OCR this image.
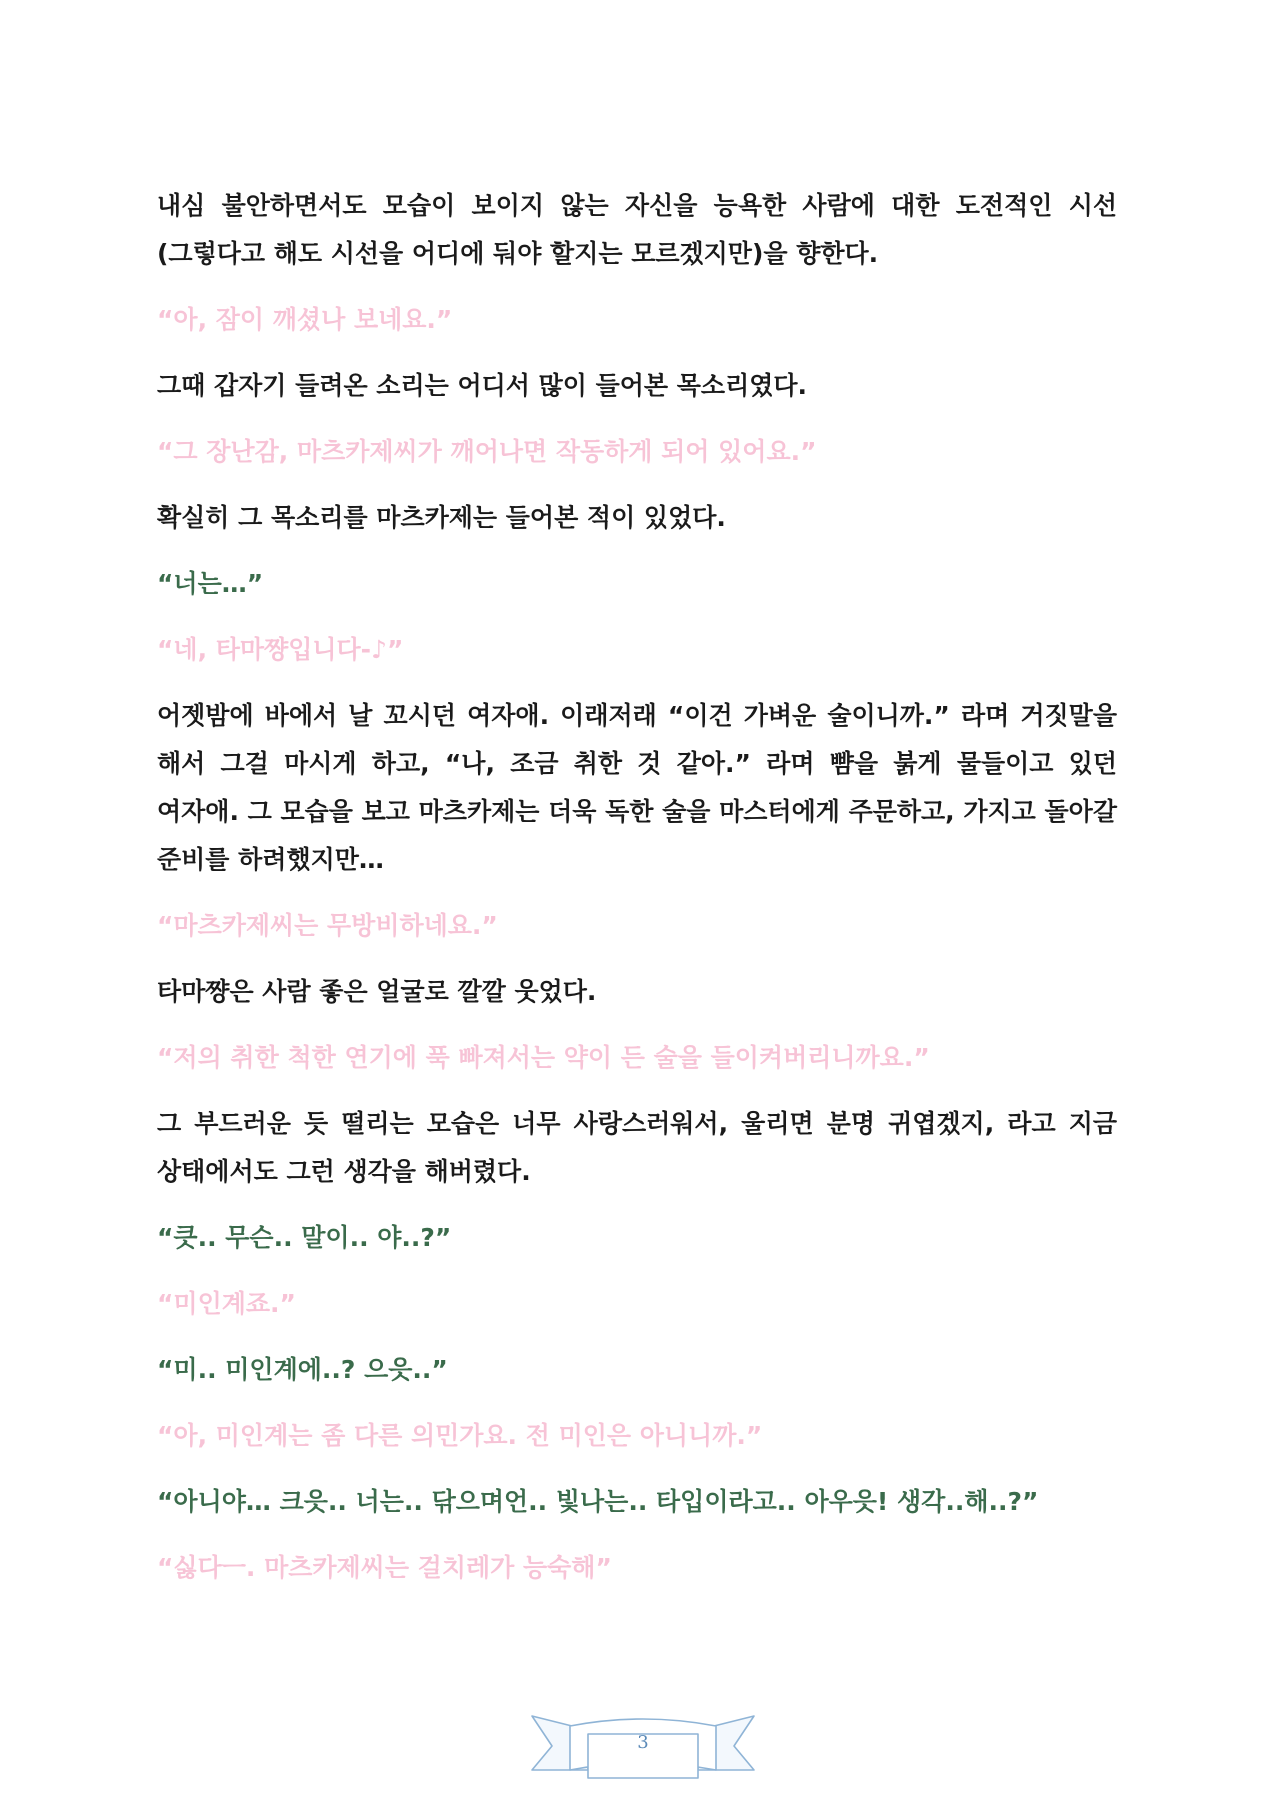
내심 불안하면서도 모습이 보이지 않는 자신을 능욕한 사람에 대한 도전적인 시선(그렇다고 해도 시선을 어디에 둬야 할지는 모르겠지만)을 향한다.

“아, 잠이 깨셨나 보네요.”

그때 갑자기 들려온 소리는 어디서 많이 들어본 목소리였다.

“그 장난감, 마츠카제씨가 깨어나면 작동하게 되어 있어요.”

확실히 그 목소리를 마츠카제는 들어본 적이 있었다.

“너는…”

“네, 타마쨩입니다-♪”

어젯밤에 바에서 날 꼬시던 여자애. 이래저래 “이건 가벼운 술이니까.” 라며 거짓말을 해서 그걸 마시게 하고, “나, 조금 취한 것 같아.” 라며 뺨을 붉게 물들이고 있던 여자애. 그 모습을 보고 마츠카제는 더욱 독한 술을 마스터에게 주문하고, 가지고 돌아갈 준비를 하려했지만…

“마츠카제씨는 무방비하네요.”

타마쨩은 사람 좋은 얼굴로 깔깔 웃었다.

“저의 취한 척한 연기에 푹 빠져서는 약이 든 술을 들이켜버리니까요.”

그 부드러운 듯 떨리는 모습은 너무 사랑스러워서, 울리면 분명 귀엽겠지, 라고 지금 상태에서도 그런 생각을 해버렸다.

“큿.. 무슨.. 말이.. 야..?”

“미인계죠.”

“미.. 미인계에..? 으읏..”

“아, 미인계는 좀 다른 의민가요. 전 미인은 아니니까.”

“아니야… 크읏.. 너는.. 닦으며언.. 빛나는.. 타입이라고.. 아우읏! 생각..해..?”

“싫다ㅡ. 마츠카제씨는 걸치레가 능숙해”

3
